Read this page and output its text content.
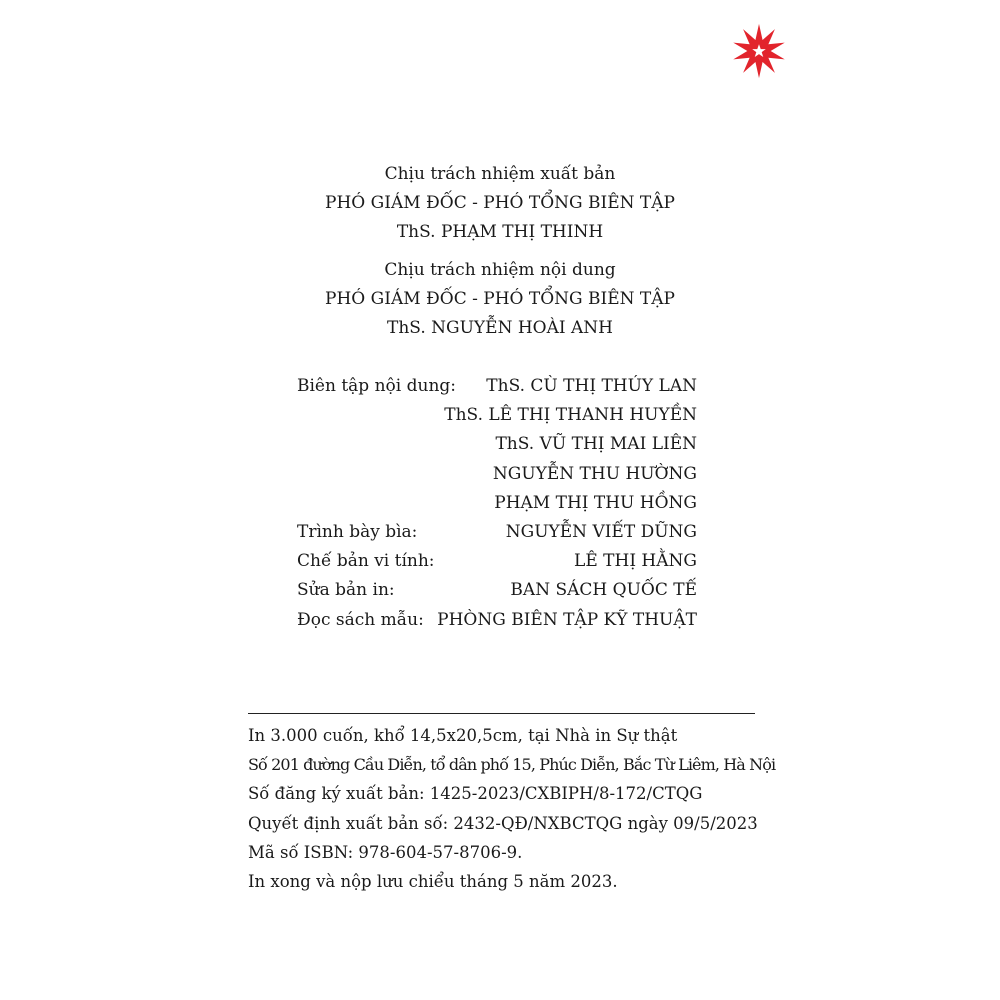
Chịu trách nhiệm xuất bản
PHÓ GIÁM ĐỐC - PHÓ TỔNG BIÊN TẬP
ThS. PHẠM THỊ THINH
Chịu trách nhiệm nội dung
PHÓ GIÁM ĐỐC - PHÓ TỔNG BIÊN TẬP
ThS. NGUYỄN HOÀI ANH
Biên tập nội dung: ThS. CÙ THỊ THÚY LAN
ThS. LÊ THỊ THANH HUYỀN
ThS. VŨ THỊ MAI LIÊN
NGUYỄN THU HƯỜNG
PHẠM THỊ THU HỒNG
Trình bày bìa:	NGUYỄN VIẾT DŨNG
Chế bản vi tính:	LÊ THỊ HẰNG
Sửa bản in:	BAN SÁCH QUỐC TẾ
Đọc sách mẫu: PHÒNG BIÊN TẬP KỸ THUẬT
In 3.000 cuốn, khổ 14,5x20,5cm, tại Nhà in Sự thật
Số 201 đường Cầu Diễn, tổ dân phố 15, Phúc Diễn, Bắc Từ Liêm, Hà Nội
Số đăng ký xuất bản: 1425-2023/CXBIPH/8-172/CTQG
Quyết định xuất bản số: 2432-QĐ/NXBCTQG ngày 09/5/2023
Mã số ISBN: 978-604-57-8706-9.
In xong và nộp lưu chiểu tháng 5 năm 2023.
